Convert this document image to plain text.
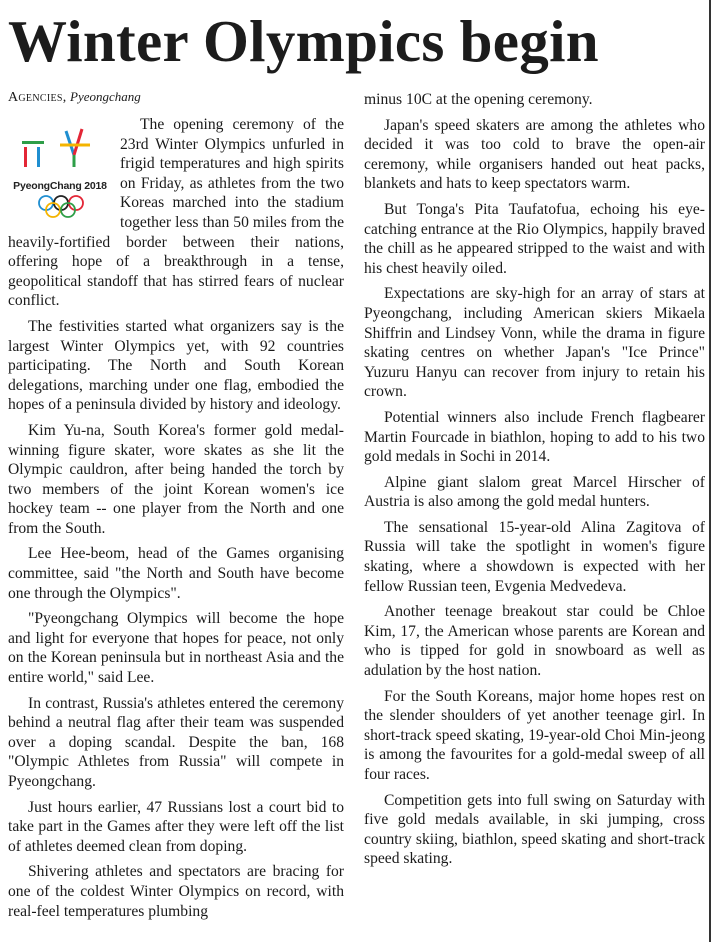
Winter Olympics begin
Agencies, Pyeongchang
PyeongChang 2018

The opening ceremony of the 23rd Winter Olympics unfurled in frigid temperatures and high spirits on Friday, as athletes from the two Koreas marched into the stadium together less than 50 miles from the heavily-fortified border between their nations, offering hope of a breakthrough in a tense, geopolitical standoff that has stirred fears of nuclear conflict.

The festivities started what organizers say is the largest Winter Olympics yet, with 92 countries participating. The North and South Korean delegations, marching under one flag, embodied the hopes of a peninsula divided by history and ideology.

Kim Yu-na, South Korea's former gold medal-winning figure skater, wore skates as she lit the Olympic cauldron, after being handed the torch by two members of the joint Korean women's ice hockey team -- one player from the North and one from the South.

Lee Hee-beom, head of the Games organising committee, said "the North and South have become one through the Olympics".

"Pyeongchang Olympics will become the hope and light for everyone that hopes for peace, not only on the Korean peninsula but in northeast Asia and the entire world," said Lee.

In contrast, Russia's athletes entered the ceremony behind a neutral flag after their team was suspended over a doping scandal. Despite the ban, 168 "Olympic Athletes from Russia" will compete in Pyeongchang.

Just hours earlier, 47 Russians lost a court bid to take part in the Games after they were left off the list of athletes deemed clean from doping.

Shivering athletes and spectators are bracing for one of the coldest Winter Olympics on record, with real-feel temperatures plumbing

minus 10C at the opening ceremony.

Japan's speed skaters are among the athletes who decided it was too cold to brave the open-air ceremony, while organisers handed out heat packs, blankets and hats to keep spectators warm.

But Tonga's Pita Taufatofua, echoing his eye-catching entrance at the Rio Olympics, happily braved the chill as he appeared stripped to the waist and with his chest heavily oiled.

Expectations are sky-high for an array of stars at Pyeongchang, including American skiers Mikaela Shiffrin and Lindsey Vonn, while the drama in figure skating centres on whether Japan's "Ice Prince" Yuzuru Hanyu can recover from injury to retain his crown.

Potential winners also include French flagbearer Martin Fourcade in biathlon, hoping to add to his two gold medals in Sochi in 2014.

Alpine giant slalom great Marcel Hirscher of Austria is also among the gold medal hunters.

The sensational 15-year-old Alina Zagitova of Russia will take the spotlight in women's figure skating, where a showdown is expected with her fellow Russian teen, Evgenia Medvedeva.

Another teenage breakout star could be Chloe Kim, 17, the American whose parents are Korean and who is tipped for gold in snowboard as well as adulation by the host nation.

For the South Koreans, major home hopes rest on the slender shoulders of yet another teenage girl. In short-track speed skating, 19-year-old Choi Min-jeong is among the favourites for a gold-medal sweep of all four races.

Competition gets into full swing on Saturday with five gold medals available, in ski jumping, cross country skiing, biathlon, speed skating and short-track speed skating.
